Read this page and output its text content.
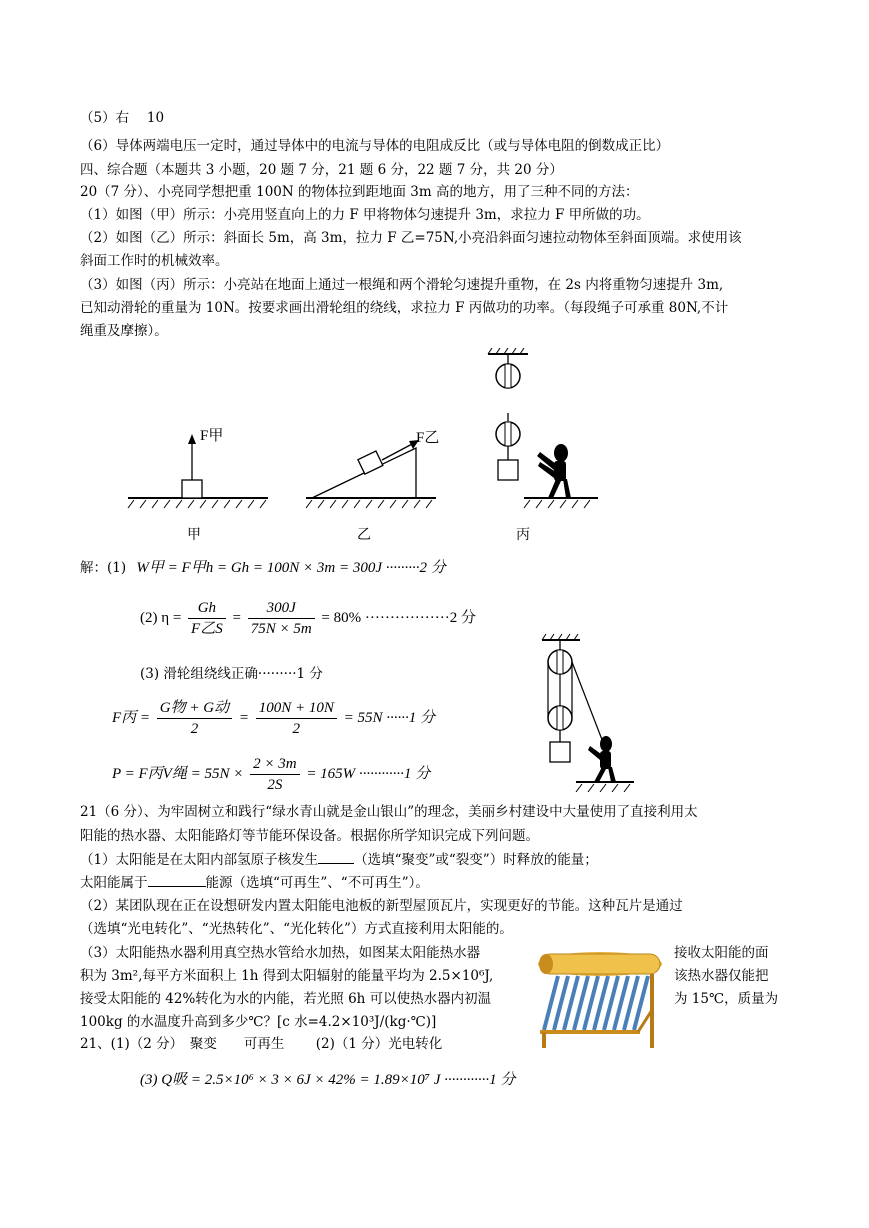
（5）右　 10
（6）导体两端电压一定时，通过导体中的电流与导体的电阻成反比（或与导体电阻的倒数成正比）
四、综合题（本题共 3 小题，20 题 7 分，21 题 6 分，22 题 7 分，共 20 分）
20（7 分）、小亮同学想把重 100N 的物体拉到距地面 3m 高的地方，用了三种不同的方法：
（1）如图（甲）所示：小亮用竖直向上的力 F 甲将物体匀速提升 3m，求拉力 F 甲所做的功。
（2）如图（乙）所示：斜面长 5m，高 3m，拉力 F 乙=75N,小亮沿斜面匀速拉动物体至斜面顶端。求使用该
斜面工作时的机械效率。
（3）如图（丙）所示：小亮站在地面上通过一根绳和两个滑轮匀速提升重物，在 2s 内将重物匀速提升 3m,
已知动滑轮的重量为 10N。按要求画出滑轮组的绕线，求拉力 F 丙做功的功率。（每段绳子可承重 80N,不计
绳重及摩擦）。
F甲	F乙
甲	乙	丙
解：(1) W甲 = F甲h = Gh = 100N × 3m = 300J ·········2 分
(2) $\eta = \frac{Gh}{\text{F乙S}} = \frac{300J}{75N \times 5m} = 80\% \cdot\cdot\cdot\cdot\cdot\cdot\cdot\cdot\cdot\cdot\cdot\cdot\cdot\cdot\cdot\cdot\cdot 2$ 分
(3) 滑轮组绕线正确·········1 分
F丙 = $\frac{\text{G物 + G动}}{2} = \frac{100N + 10N}{2} = 55N \cdot\cdot\cdot\cdot\cdot\cdot 1$ 分
P = F丙V绳 = $55N \times \frac{2 \times 3m}{2S} = 165W \cdot\cdot\cdot\cdot\cdot\cdot\cdot\cdot\cdot\cdot\cdot\cdot 1$ 分
21（6 分）、为牢固树立和践行“绿水青山就是金山银山”的理念，美丽乡村建设中大量使用了直接利用太
阳能的热水器、太阳能路灯等节能环保设备。根据你所学知识完成下列问题。
（1）太阳能是在太阳内部氢原子核发生	（选填“聚变”或“裂变”）时释放的能量；
太阳能属于	能源（选填“可再生”、“不可再生”）。
（2）某团队现在正在设想研发内置太阳能电池板的新型屋顶瓦片，实现更好的节能。这种瓦片是通过
（选填“光电转化”、“光热转化”、“光化转化”）方式直接利用太阳能的。
（3）太阳能热水器利用真空热水管给水加热，如图某太阳能热水器	接收太阳能的面
积为 3m²,每平方米面积上 1h 得到太阳辐射的能量平均为 2.5×10⁶J,	该热水器仅能把
接受太阳能的 42%转化为水的内能，若光照 6h 可以使热水器内初温	为 15℃，质量为
100kg 的水温度升高到多少℃？[c 水=4.2×10³J/(kg·℃)]
21、(1)（2 分）　聚变　　可再生　　 (2)（1 分）光电转化
(3) Q吸 = 2.5×10⁶ × 3 × 6J × 42% = 1.89×10⁷ J ············1 分
